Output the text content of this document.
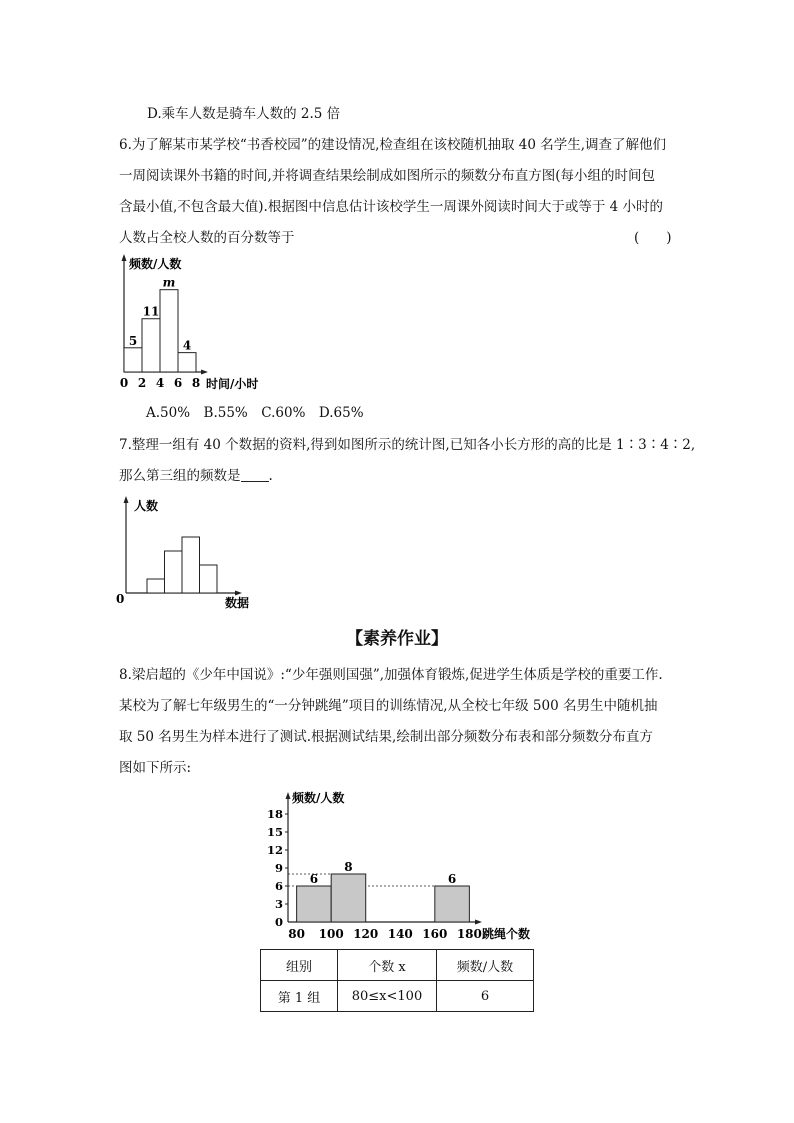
D.乘车人数是骑车人数的 2.5 倍
6.为了解某市某学校“书香校园”的建设情况,检查组在该校随机抽取 40 名学生,调查了解他们
一周阅读课外书籍的时间,并将调查结果绘制成如图所示的频数分布直方图(每小组的时间包
含最小值,不包含最大值).根据图中信息估计该校学生一周课外阅读时间大于或等于 4 小时的
人数占全校人数的百分数等于	(　　)
频数/人数
时间/小时
5
11
m
4
0 2 4 6 8
A.50%　B.55%　C.60%　D.65%
7.整理一组有 40 个数据的资料,得到如图所示的统计图,已知各小长方形的高的比是 1∶3∶4∶2,
那么第三组的频数是 .
人数
数据
0
【素养作业】
8.梁启超的《少年中国说》:“少年强则国强”,加强体育锻炼,促进学生体质是学校的重要工作.
某校为了解七年级男生的“一分钟跳绳”项目的训练情况,从全校七年级 500 名男生中随机抽
取 50 名男生为样本进行了测试.根据测试结果,绘制出部分频数分布表和部分频数分布直方
图如下所示:
频数/人数
跳绳个数
6
8
6
0
3
6
9
12
15
18
80 100 120 140 160 180
组别	个数 x	频数/人数
第 1 组	80≤x<100	6
